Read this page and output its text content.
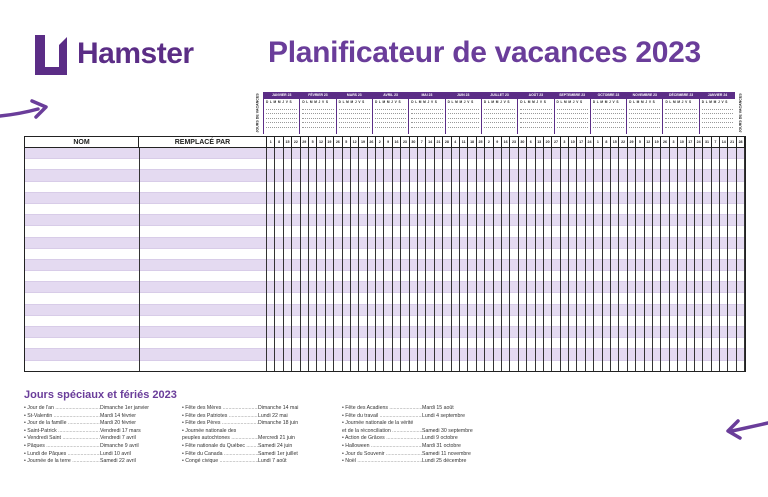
Hamster Planificateur de vacances 2023
JOURS DE VACANCES	JANVIER 23
D L M M J V S
FÉVRIER 23
D L M M J V S
MARS 23
D L M M J V S
AVRIL 23
D L M M J V S
MAI 23
D L M M J V S
JUIN 23
D L M M J V S
JUILLET 23
D L M M J V S
AOÛT 23
D L M M J V S
SEPTEMBRE 23
D L M M J V S
OCTOBRE 23
D L M M J V S
NOVEMBRE 23
D L M M J V S
DÉCEMBRE 23
D L M M J V S
JANVIER 24
D L M M J V S	JOURS DE VACANCES
NOM	REMPLACÉ PAR	1	8	15	22	29	5	12	19	26	5	12	19	26	2	9	16	23	30	7	14	21	28	4	11	18	25	2	9	16	23	30	6	13	20	27	3	10	17	24	1	8	15	22	29	5	12	19	26	3	10	17	24	31	7	14	21	28
Jours spéciaux et fériés 2023
• Jour de l'an .....	Dimanche 1er janvier
• St-Valentin .....	Mardi 14 février
• Jour de la famille .....	Mardi 20 février
• Saint-Patrick .....	Vendredi 17 mars
• Vendredi Saint .....	Vendredi 7 avril
• Pâques .....	Dimanche 9 avril
• Lundi de Pâques .....	Lundi 10 avril
• Journée de la terre .....	Samedi 22 avril
• Fête des Mères .....	Dimanche 14 mai
• Fête des Patriotes .....	Lundi 22 mai
• Fête des Pères .....	Dimanche 18 juin
• Journée nationale des
peuples autochtones .....	Mercredi 21 juin
• Fête nationale du Québec .....	Samedi 24 juin
• Fête du Canada .....	Samedi 1er juillet
• Congé civique .....	Lundi 7 août
• Fête des Acadiens .....	Mardi 15 août
• Fête du travail .....	Lundi 4 septembre
• Journée nationale de la vérité
et de la réconciliation .....	Samedi 30 septembre
• Action de Grâces .....	Lundi 9 octobre
• Halloween .....	Mardi 31 octobre
• Jour du Souvenir .....	Samedi 11 novembre
• Noël .....	Lundi 25 décembre
